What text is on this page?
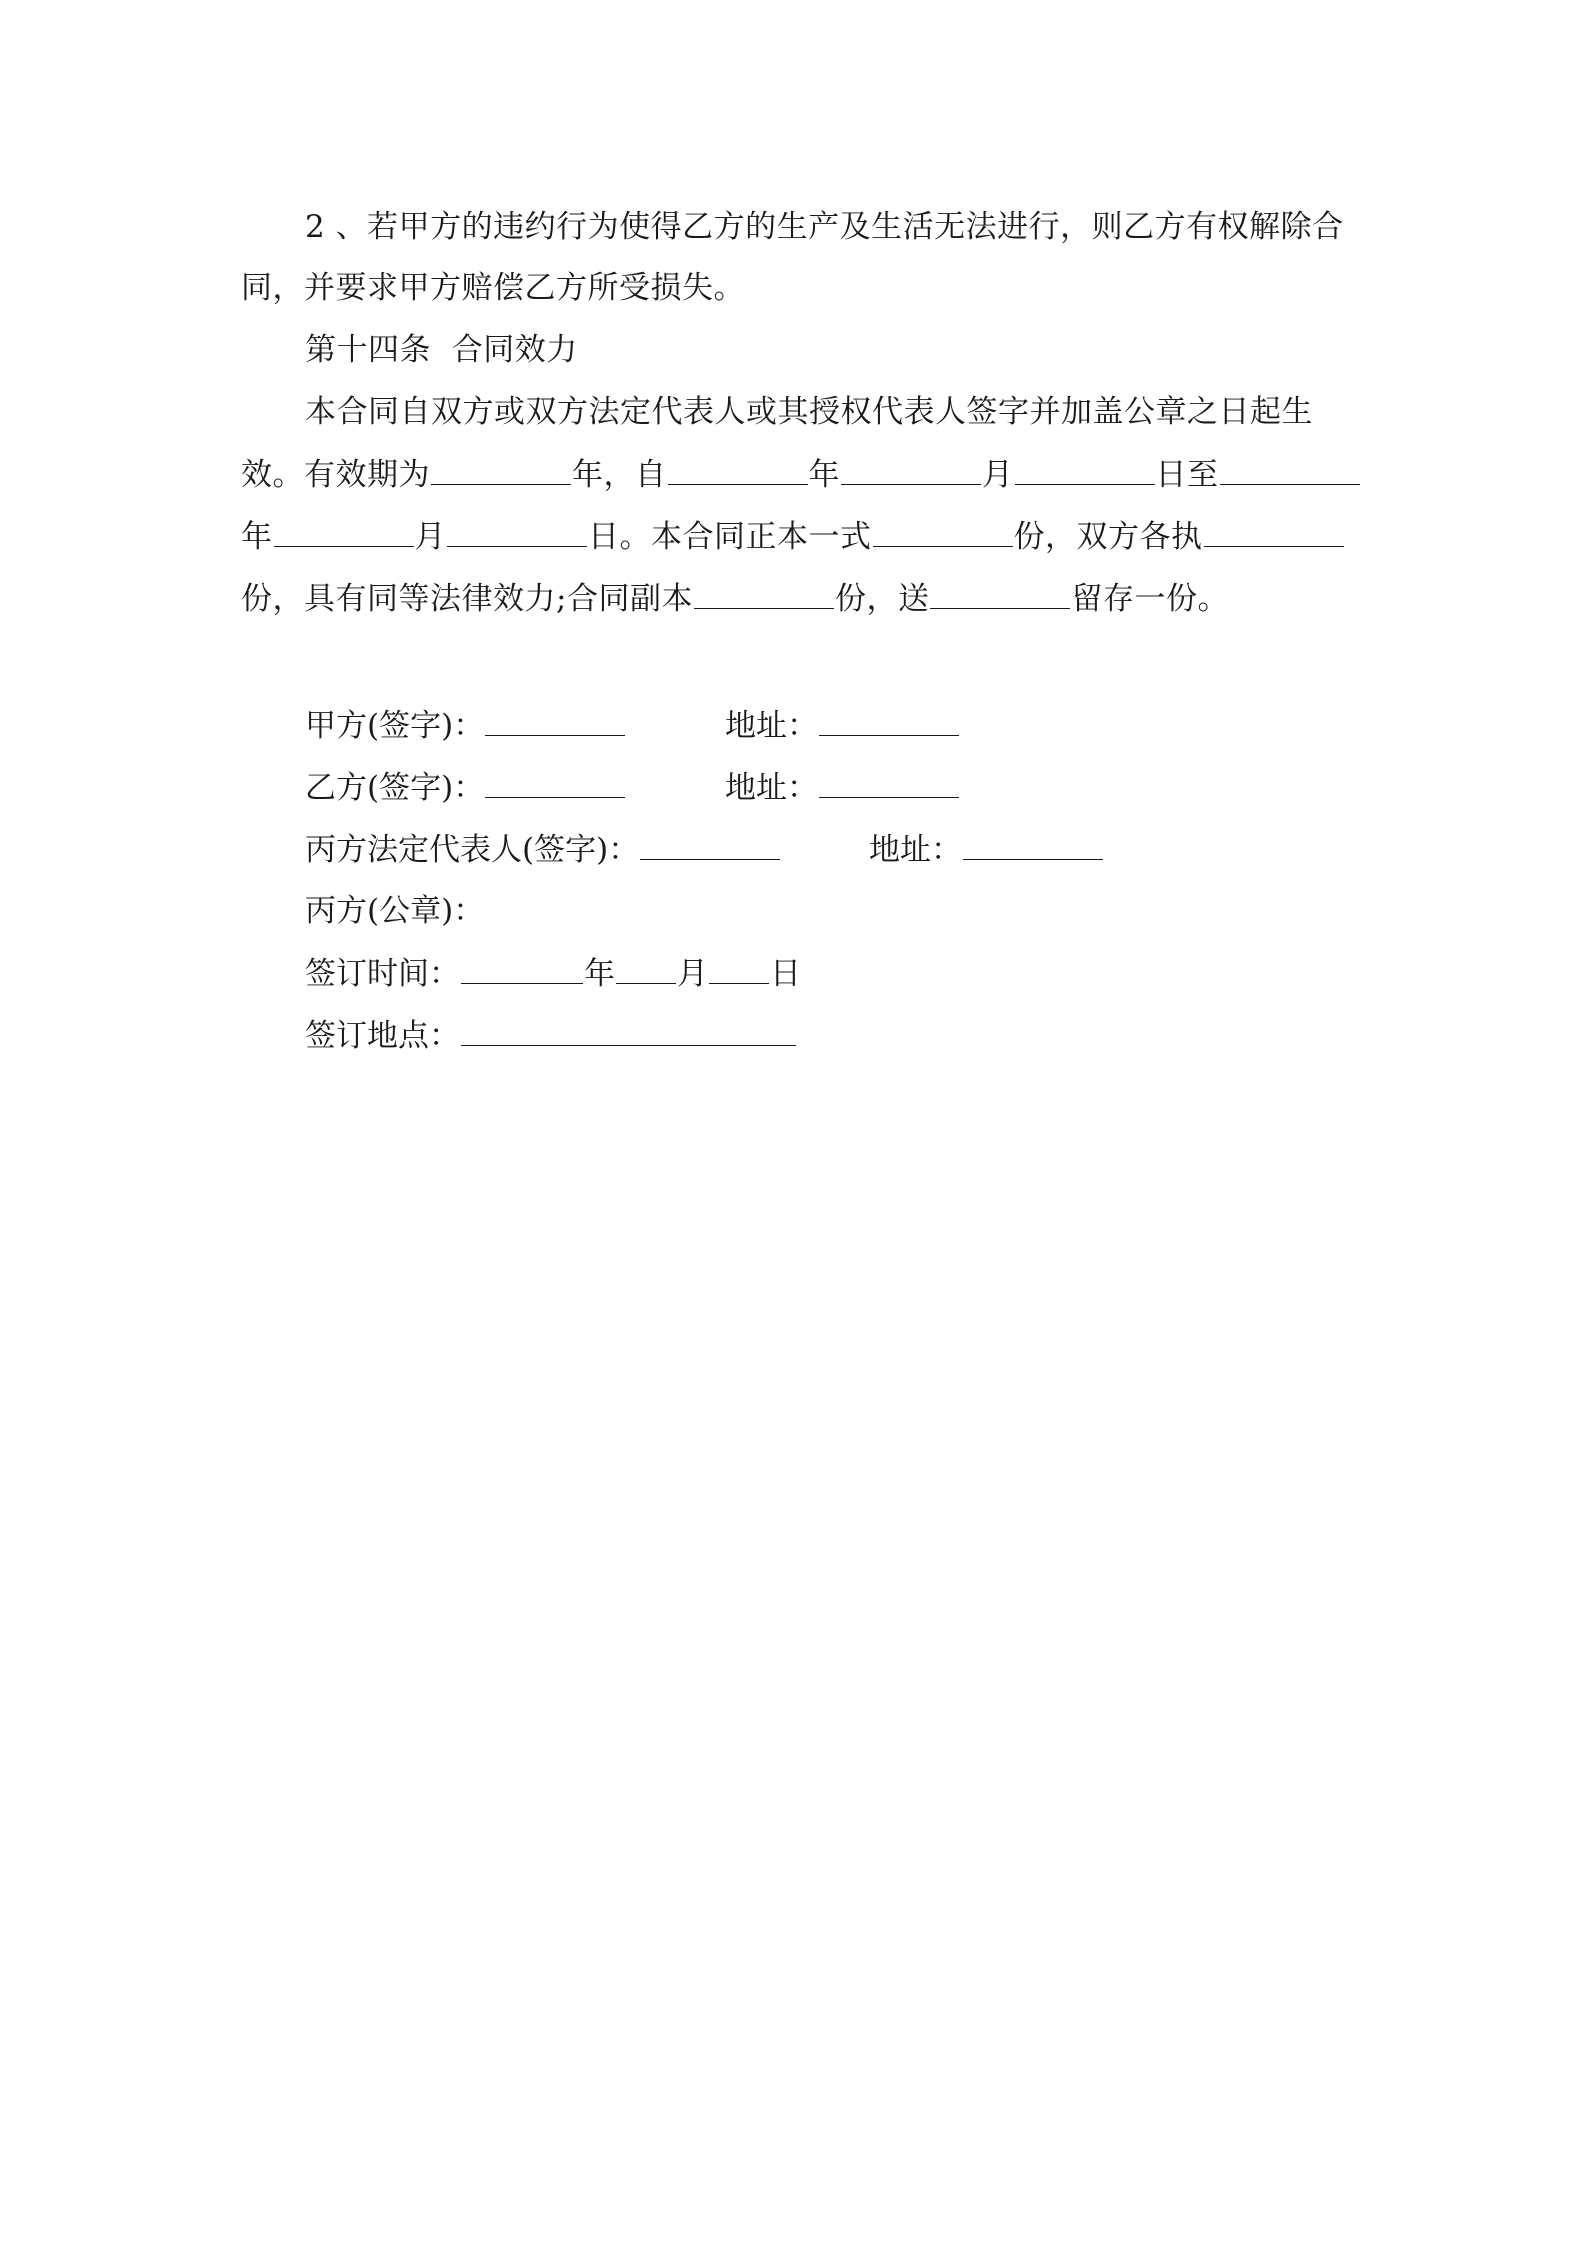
2 、若甲方的违约行为使得乙方的生产及生活无法进行，则乙方有权解除合
同，并要求甲方赔偿乙方所受损失。
第十四条  合同效力
本合同自双方或双方法定代表人或其授权代表人签字并加盖公章之日起生
效。有效期为	年，自	年	月	日至
年	月	日。本合同正本一式	份，双方各执
份，具有同等法律效力;合同副本	份，送	留存一份。
甲方(签字)：	地址：
乙方(签字)：	地址：
丙方法定代表人(签字)：	地址：
丙方(公章)：
签订时间：	年 月 日
签订地点：
